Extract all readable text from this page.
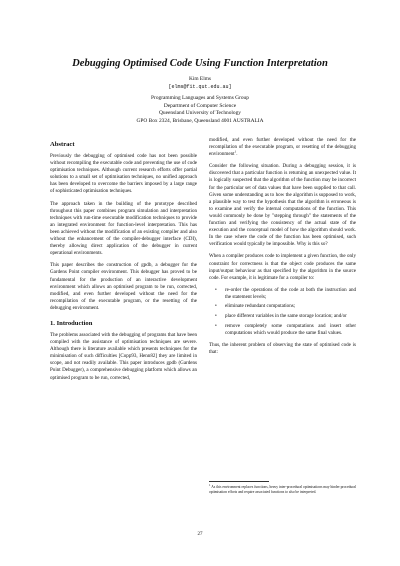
Debugging Optimised Code Using Function Interpretation
Kim Elms
[elms@fit.qut.edu.au]
Programming Languages and Systems Group
Department of Computer Science
Queensland University of Technology
GPO Box 2324, Brisbane, Queensland 4001 AUSTRALIA
Abstract

Previously the debugging of optimised code has not been possible without recompiling the executable code and preventing the use of code optimisation techniques. Although current research efforts offer partial solutions to a small set of optimisation techniques, no unified approach has been developed to overcome the barriers imposed by a large range of sophisticated optimisation techniques.

The approach taken in the building of the prototype described throughout this paper combines program simulation and interpretation techniques with run-time executable modification techniques to provide an integrated environment for function-level interpretation. This has been achieved without the modification of an existing compiler and also without the enhancement of the compiler-debugger interface (CDI), thereby allowing direct application of the debugger in current operational environments.

This paper describes the construction of gpdb, a debugger for the Gardens Point compiler environment. This debugger has proved to be fundamental for the production of an interactive development environment which allows an optimised program to be run, corrected, modified, and even further developed without the need for the recompilation of the executable program, or the resetting of the debugging environment.

1. Introduction

The problems associated with the debugging of programs that have been compiled with the assistance of optimisation techniques are severe. Although there is literature available which presents techniques for the minimisation of such difficulties [Copp93, Henn82] they are limited in scope, and not readily available. This paper introduces gpdb (Gardens Point Debugger), a comprehensive debugging platform which allows an optimised program to be run, corrected,

modified, and even further developed without the need for the recompilation of the executable program, or resetting of the debugging environment$^1$.

Consider the following situation. During a debugging session, it is discovered that a particular function is returning an unexpected value. It is logically suspected that the algorithm of the function may be incorrect for the particular set of data values that have been supplied to that call. Given some understanding as to how the algorithm is supposed to work, a plausible way to test the hypothesis that the algorithm is erroneous is to examine and verify the internal computations of the function. This would commonly be done by "stepping through" the statements of the function and verifying the consistency of the actual state of the execution and the conceptual model of how the algorithm should work. In the case where the code of the function has been optimised, such verification would typically be impossible. Why is this so?

When a compiler produces code to implement a given function, the only constraint for correctness is that the object code produces the same input/output behaviour as that specified by the algorithm in the source code. For example, it is legitimate for a compiler to:

• re-order the operations of the code at both the instruction and the statement levels;
• eliminate redundant computations;
• place different variables in the same storage location; and/or
• remove completely some computations and insert other computations which would produce the same final values.

Thus, the inherent problem of observing the state of optimised code is that:

$^1$ As this environment replaces functions, heavy inter-procedural optimisations may hinder procedural optimisation efforts and require associated functions to also be interpreted.
27
